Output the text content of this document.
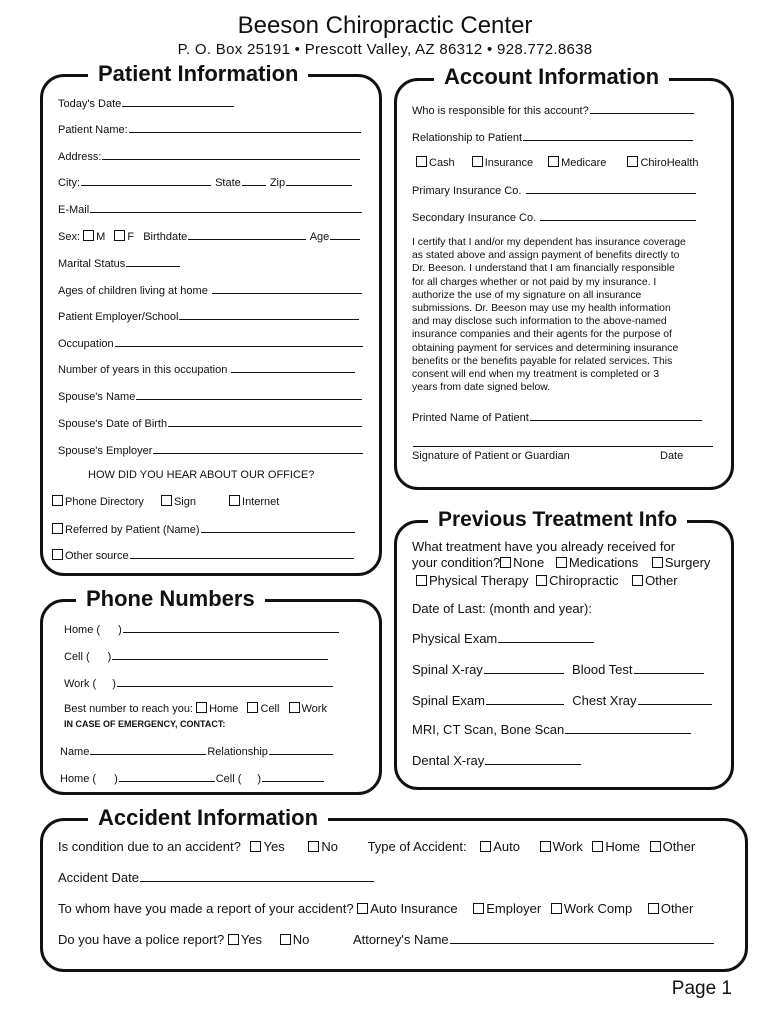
Beeson Chiropractic Center
P. O. Box 25191 • Prescott Valley, AZ 86312 • 928.772.8638
Patient Information
Today's Date
Patient Name:
Address:
City:	State	Zip
E-Mail
Sex: M F Birthdate	Age
Marital Status
Ages of children living at home
Patient Employer/School
Occupation
Number of years in this occupation
Spouse's Name
Spouse's Date of Birth
Spouse's Employer
HOW DID YOU HEAR ABOUT OUR OFFICE?
Phone Directory	Sign	Internet
Referred by Patient (Name)
Other source
Account Information
Who is responsible for this account?
Relationship to Patient
Cash	Insurance	Medicare	ChiroHealth
Primary Insurance Co.
Secondary Insurance Co.
I certify that I and/or my dependent has insurance coverage
as stated above and assign payment of benefits directly to
Dr. Beeson. I understand that I am financially responsible
for all charges whether or not paid by my insurance. I
authorize the use of my signature on all insurance
submissions. Dr. Beeson may use my health information
and may disclose such information to the above-named
insurance companies and their agents for the purpose of
obtaining payment for services and determining insurance
benefits or the benefits payable for related services. This
consent will end when my treatment is completed or 3
years from date signed below.
Printed Name of Patient
Signature of Patient or Guardian	Date
Previous Treatment Info
What treatment have you already received for
your condition? None Medications Surgery
Physical Therapy Chiropractic Other
Date of Last: (month and year):
Physical Exam
Spinal X-ray	Blood Test
Spinal Exam	Chest Xray
MRI, CT Scan, Bone Scan
Dental X-ray
Phone Numbers
Home ( )
Cell ( )
Work ( )
Best number to reach you: Home Cell Work
IN CASE OF EMERGENCY, CONTACT:
Name	Relationship
Home ( )	Cell ( )
Accident Information
Is condition due to an accident? Yes	No Type of Accident: Auto	Work Home Other
Accident Date
To whom have you made a report of your accident? Auto Insurance Employer Work Comp Other
Do you have a police report? Yes No	Attorney's Name
Page 1
